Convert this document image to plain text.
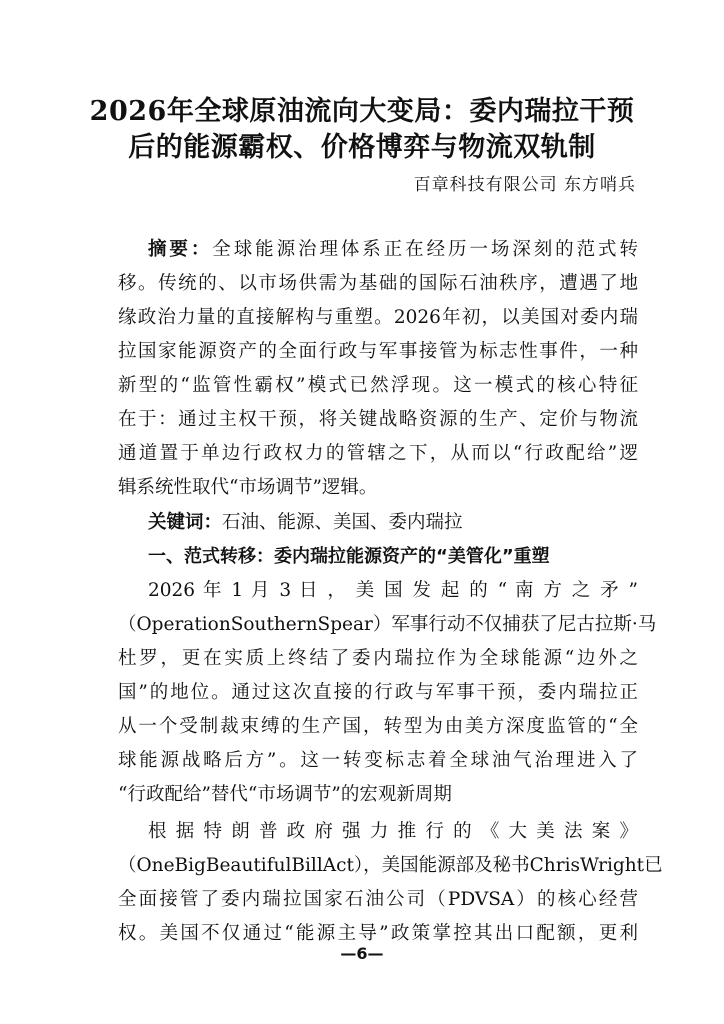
2026年全球原油流向大变局：委内瑞拉干预
后的能源霸权、价格博弈与物流双轨制
百章科技有限公司 东方哨兵
摘要：全球能源治理体系正在经历一场深刻的范式转
移。传统的、以市场供需为基础的国际石油秩序，遭遇了地
缘政治力量的直接解构与重塑。2026年初，以美国对委内瑞
拉国家能源资产的全面行政与军事接管为标志性事件，一种
新型的“监管性霸权”模式已然浮现。这一模式的核心特征
在于：通过主权干预，将关键战略资源的生产、定价与物流
通道置于单边行政权力的管辖之下，从而以“行政配给”逻
辑系统性取代“市场调节”逻辑。
关键词：石油、能源、美国、委内瑞拉
一、范式转移：委内瑞拉能源资产的“美管化”重塑
2026 年 1 月 3 日 ， 美 国 发 起 的 “ 南 方 之 矛 ”
（OperationSouthernSpear）军事行动不仅捕获了尼古拉斯·马
杜罗，更在实质上终结了委内瑞拉作为全球能源“边外之
国”的地位。通过这次直接的行政与军事干预，委内瑞拉正
从一个受制裁束缚的生产国，转型为由美方深度监管的“全
球能源战略后方”。这一转变标志着全球油气治理进入了
“行政配给”替代“市场调节”的宏观新周期
根 据 特 朗 普 政 府 强 力 推 行 的 《 大 美 法 案 》
（OneBigBeautifulBillAct），美国能源部及秘书ChrisWright已
全面接管了委内瑞拉国家石油公司（PDVSA）的核心经营
权。美国不仅通过“能源主导”政策掌控其出口配额，更利
—6—
